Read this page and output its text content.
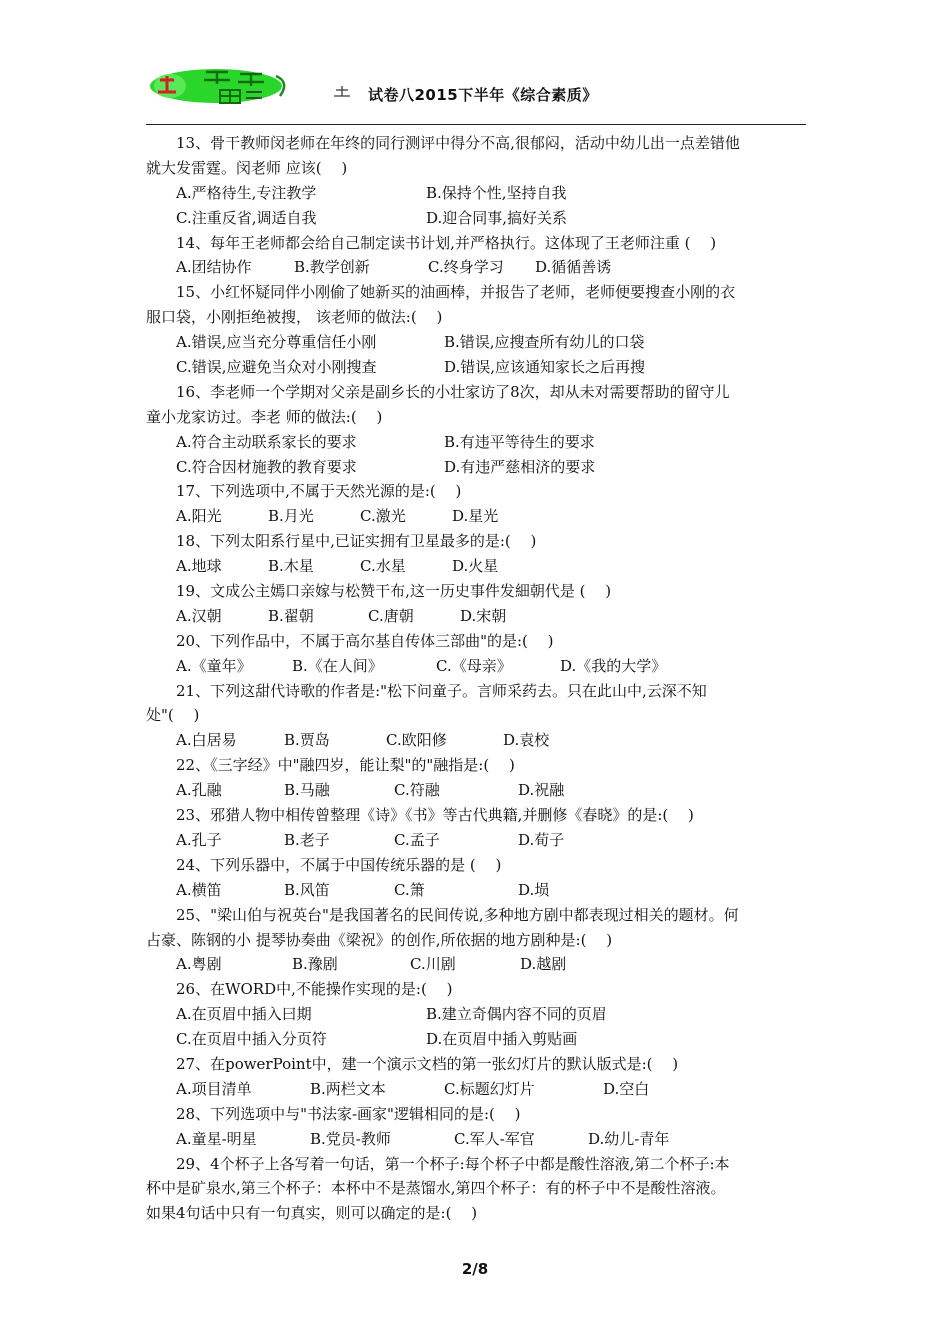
试卷八2015下半年《综合素质》
13、骨干教师闵老师在年终的同行测评中得分不高,很郁闷，活动中幼儿出一点差错他
就大发雷霆。闵老师 应该(　 )
A.严格待生,专注教学	B.保持个性,坚持自我
C.注重反省,调适自我	D.迎合同事,搞好关系
14、每年王老师都会给自己制定读书计划,并严格执行。这体现了王老师注重 (　 )
A.团结协作	B.教学创新	C.终身学习 D.循循善诱
15、小红怀疑同伴小刚偷了她新买的油画棒，并报告了老师，老师便要搜查小刚的衣
服口袋，小刚拒绝被搜， 该老师的做法:(　 )
A.错误,应当充分尊重信任小刚	B.错误,应搜查所有幼儿的口袋
C.错误,应避免当众对小刚搜查	D.错误,应该通知家长之后再搜
16、李老师一个学期对父亲是副乡长的小壮家访了8次，却从未对需要帮助的留守儿
童小龙家访过。李老 师的做法:(　 )
A.符合主动联系家长的要求	B.有违平等待生的要求
C.符合因材施教的教育要求	D.有违严慈相济的要求
17、下列选项中,不属于天然光源的是:(　 )
A.阳光	B.月光	C.激光	D.星光
18、下列太阳系行星中,已证实拥有卫星最多的是:(　 )
A.地球	B.木星	C.水星	D.火星
19、文成公主嫣口亲嫁与松赞干布,这一历史事件发細朝代是 (　 )
A.汉朝	B.翟朝	C.唐朝	D.宋朝
20、下列作品中，不属于高尔基自传体三部曲"的是:(　 )
A.《童年》	B.《在人间》	C.《母亲》	D.《我的大学》
21、下列这甜代诗歌的作者是:"松下问童子。言师采药去。只在此山中,云深不知
处"(　 )
A.白居易	B.贾岛	C.欧阳修	D.袁校
22、《三字经》中"融四岁，能让梨"的"融指是:(　 )
A.孔融	B.马融	C.符融	D.祝融
23、邪猎人物中相传曾整理《诗》《书》等古代典籍,并删修《春晓》的是:(　 )
A.孔子	B.老子	C.孟子	D.荀子
24、下列乐器中，不属于中国传统乐器的是 (　 )
A.横笛	B.风笛	C.箫	D.埙
25、"梁山伯与祝英台"是我国著名的民间传说,多种地方剧中都表现过相关的题材。何
占豪、陈钢的小 提琴协奏曲《梁祝》的创作,所依据的地方剧种是:(　 )
A.粤剧	B.豫剧	C.川剧	D.越剧
26、在WORD中,不能操作实现的是:(　 )
A.在页眉中插入曰期	B.建立奇偶内容不同的页眉
C.在页眉中插入分页符	D.在页眉中插入剪贴画
27、在powerPoint中，建一个演示文档的第一张幻灯片的默认版式是:(　 )
A.项目清单	B.两栏文本	C.标题幻灯片	D.空白
28、下列选项中与"书法家-画家"逻辑相同的是:(　 )
A.童星-明星	B.党员-教师	C.军人-军官	D.幼儿-青年
29、4个杯子上各写着一句话，第一个杯子:每个杯子中都是酸性溶液,第二个杯子:本
杯中是矿泉水,第三个杯子：本杯中不是蒸馏水,第四个杯子：有的杯子中不是酸性溶液。
如果4句话中只有一句真实，则可以确定的是:(　 )
2/8
